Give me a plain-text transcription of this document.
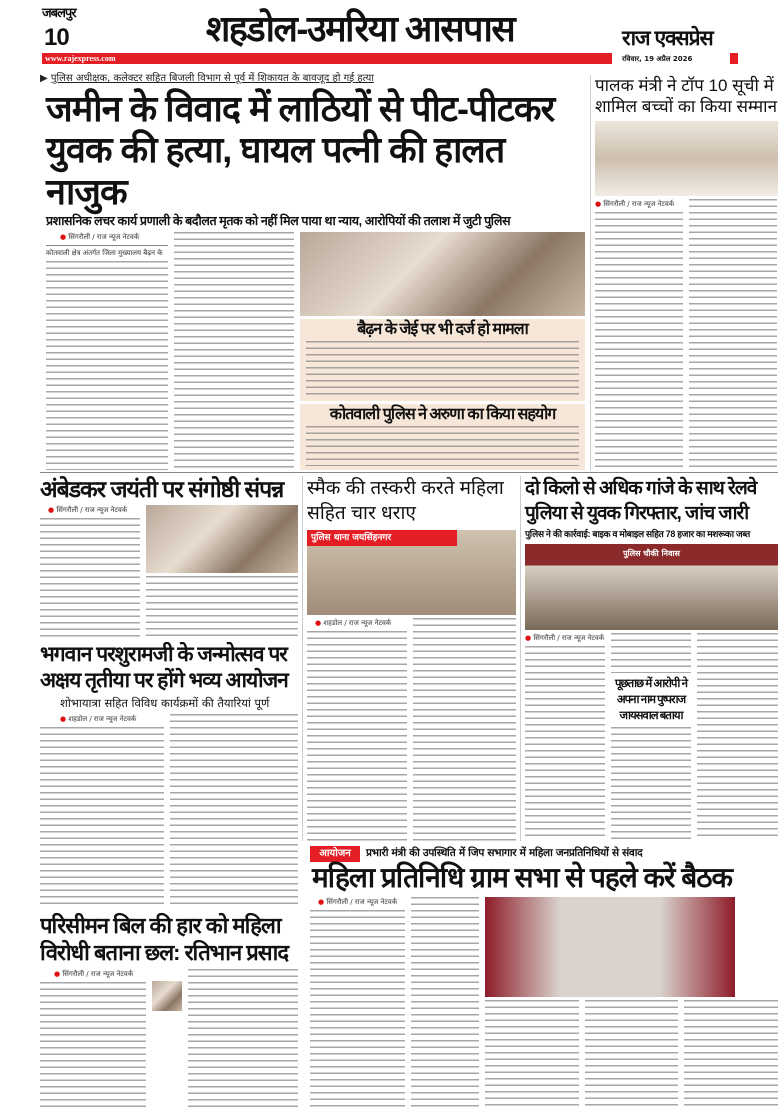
जबलपुर
10	शहडोल-उमरिया आसपास	राज एक्सप्रेस
www.rajexpress.com	रविवार, 19 अप्रैल 2026
▶ पुलिस अधीक्षक, कलेक्टर सहित बिजली विभाग से पूर्व में शिकायत के बावजूद हो गई हत्या
जमीन के विवाद में लाठियों से पीट-पीटकर
युवक की हत्या, घायल पत्नी की हालत नाजुक
प्रशासनिक लचर कार्य प्रणाली के बदौलत मृतक को नहीं मिल पाया था न्याय, आरोपियों की तलाश में जुटी पुलिस
● सिंगरौली / राज न्यूज नेटवर्क
कोतवाली क्षेत्र अंतर्गत जिला मुख्यालय बैढ़न के
बैढ़न के जेई पर भी दर्ज हो मामला
कोतवाली पुलिस ने अरुणा का किया सहयोग
पालक मंत्री ने टॉप 10 सूची में शामिल बच्चों का किया सम्मान
● सिंगरौली / राज न्यूज नेटवर्क
अंबेडकर जयंती पर संगोष्ठी संपन्न
● सिंगरौली / राज न्यूज नेटवर्क
भगवान परशुरामजी के जन्मोत्सव पर अक्षय तृतीया पर होंगे भव्य आयोजन
शोभायात्रा सहित विविध कार्यक्रमों की तैयारियां पूर्ण
● शहडोल / राज न्यूज नेटवर्क
परिसीमन बिल की हार को महिला विरोधी बताना छल: रतिभान प्रसाद
● सिंगरौली / राज न्यूज नेटवर्क
स्मैक की तस्करी करते महिला सहित चार धराए
पुलिस थाना जयसिंहनगर
● शहडोल / राज न्यूज नेटवर्क
दो किलो से अधिक गांजे के साथ रेलवे पुलिया से युवक गिरफ्तार, जांच जारी
पुलिस ने की कार्रवाई: बाइक व मोबाइल सहित 78 हजार का मशरूका जब्त
पुलिस चौकी निवास
● सिंगरौली / राज न्यूज नेटवर्क
पूछताछ में आरोपी ने अपना नाम पुष्पराज जायसवाल बताया
आयोजन	प्रभारी मंत्री की उपस्थिति में जिप सभागार में महिला जनप्रतिनिधियों से संवाद
महिला प्रतिनिधि ग्राम सभा से पहले करें बैठक
● सिंगरौली / राज न्यूज नेटवर्क
